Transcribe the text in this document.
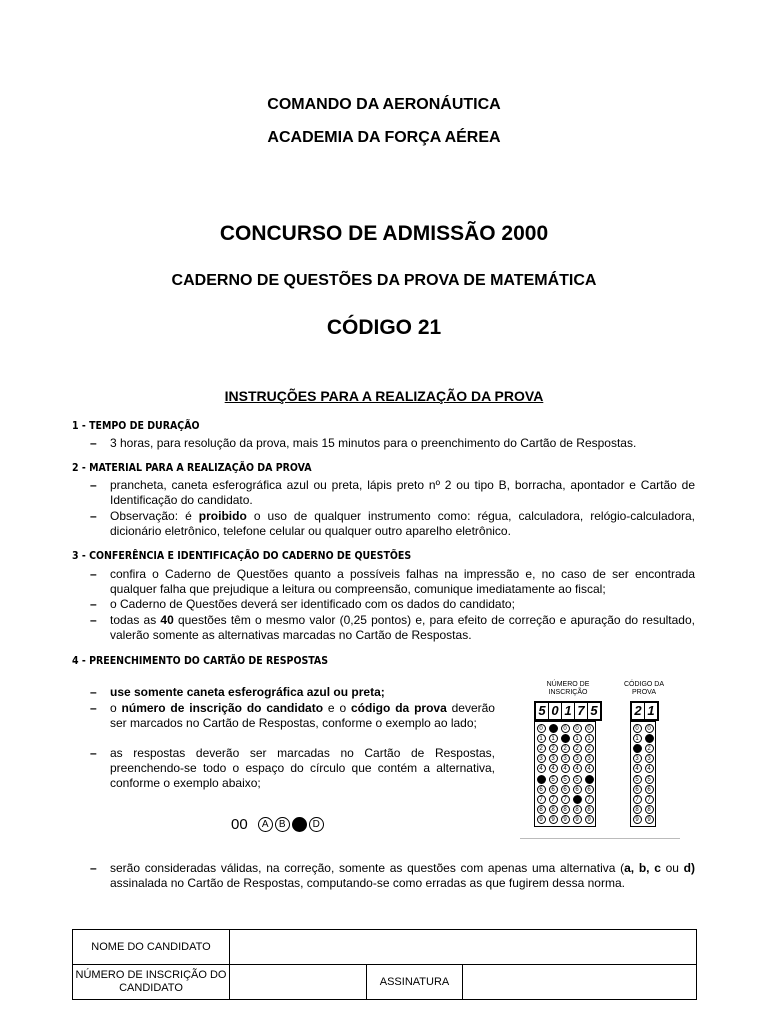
COMANDO DA AERONÁUTICA
ACADEMIA DA FORÇA AÉREA
CONCURSO DE ADMISSÃO 2000
CADERNO DE QUESTÕES DA PROVA DE MATEMÁTICA
CÓDIGO 21
INSTRUÇÕES PARA A REALIZAÇÃO DA PROVA
1 - TEMPO DE DURAÇÃO
– 3 horas, para resolução da prova, mais 15 minutos para o preenchimento do Cartão de Respostas.
2 - MATERIAL PARA A REALIZAÇÃO DA PROVA
– prancheta, caneta esferográfica azul ou preta, lápis preto nº 2 ou tipo B, borracha, apontador e Cartão de Identificação do candidato.
– Observação: é proibido o uso de qualquer instrumento como: régua, calculadora, relógio-calculadora, dicionário eletrônico, telefone celular ou qualquer outro aparelho eletrônico.
3 - CONFERÊNCIA E IDENTIFICAÇÃO DO CADERNO DE QUESTÕES
– confira o Caderno de Questões quanto a possíveis falhas na impressão e, no caso de ser encontrada qualquer falha que prejudique a leitura ou compreensão, comunique imediatamente ao fiscal;
– o Caderno de Questões deverá ser identificado com os dados do candidato;
– todas as 40 questões têm o mesmo valor (0,25 pontos) e, para efeito de correção e apuração do resultado, valerão somente as alternativas marcadas no Cartão de Respostas.
4 - PREENCHIMENTO DO CARTÃO DE RESPOSTAS
– use somente caneta esferográfica azul ou preta;
– o número de inscrição do candidato e o código da prova deverão ser marcados no Cartão de Respostas, conforme o exemplo ao lado;
– as respostas deverão ser marcadas no Cartão de Respostas, preenchendo-se todo o espaço do círculo que contém a alternativa, conforme o exemplo abaixo;
00	A	B	D
NÚMERO DE INSCRIÇÃO
5 0 1 7 5
0
1
2
3
4
6
7
8
9
1
2
3
4
5
6
7
8
9
0
2
3
4
5
6
7
8
9
0
1
2
3
4
5
6
8
9
0
1
2
3
4
6
7
8
9
CÓDIGO DA PROVA
2 1
0
1
3
4
5
6
7
8
9
0
2
3
4
5
6
7
8
9
– serão consideradas válidas, na correção, somente as questões com apenas uma alternativa (a, b, c ou d) assinalada no Cartão de Respostas, computando-se como erradas as que fugirem dessa norma.
NOME DO CANDIDATO			
NÚMERO DE INSCRIÇÃO DO CANDIDATO		ASSINATURA	
